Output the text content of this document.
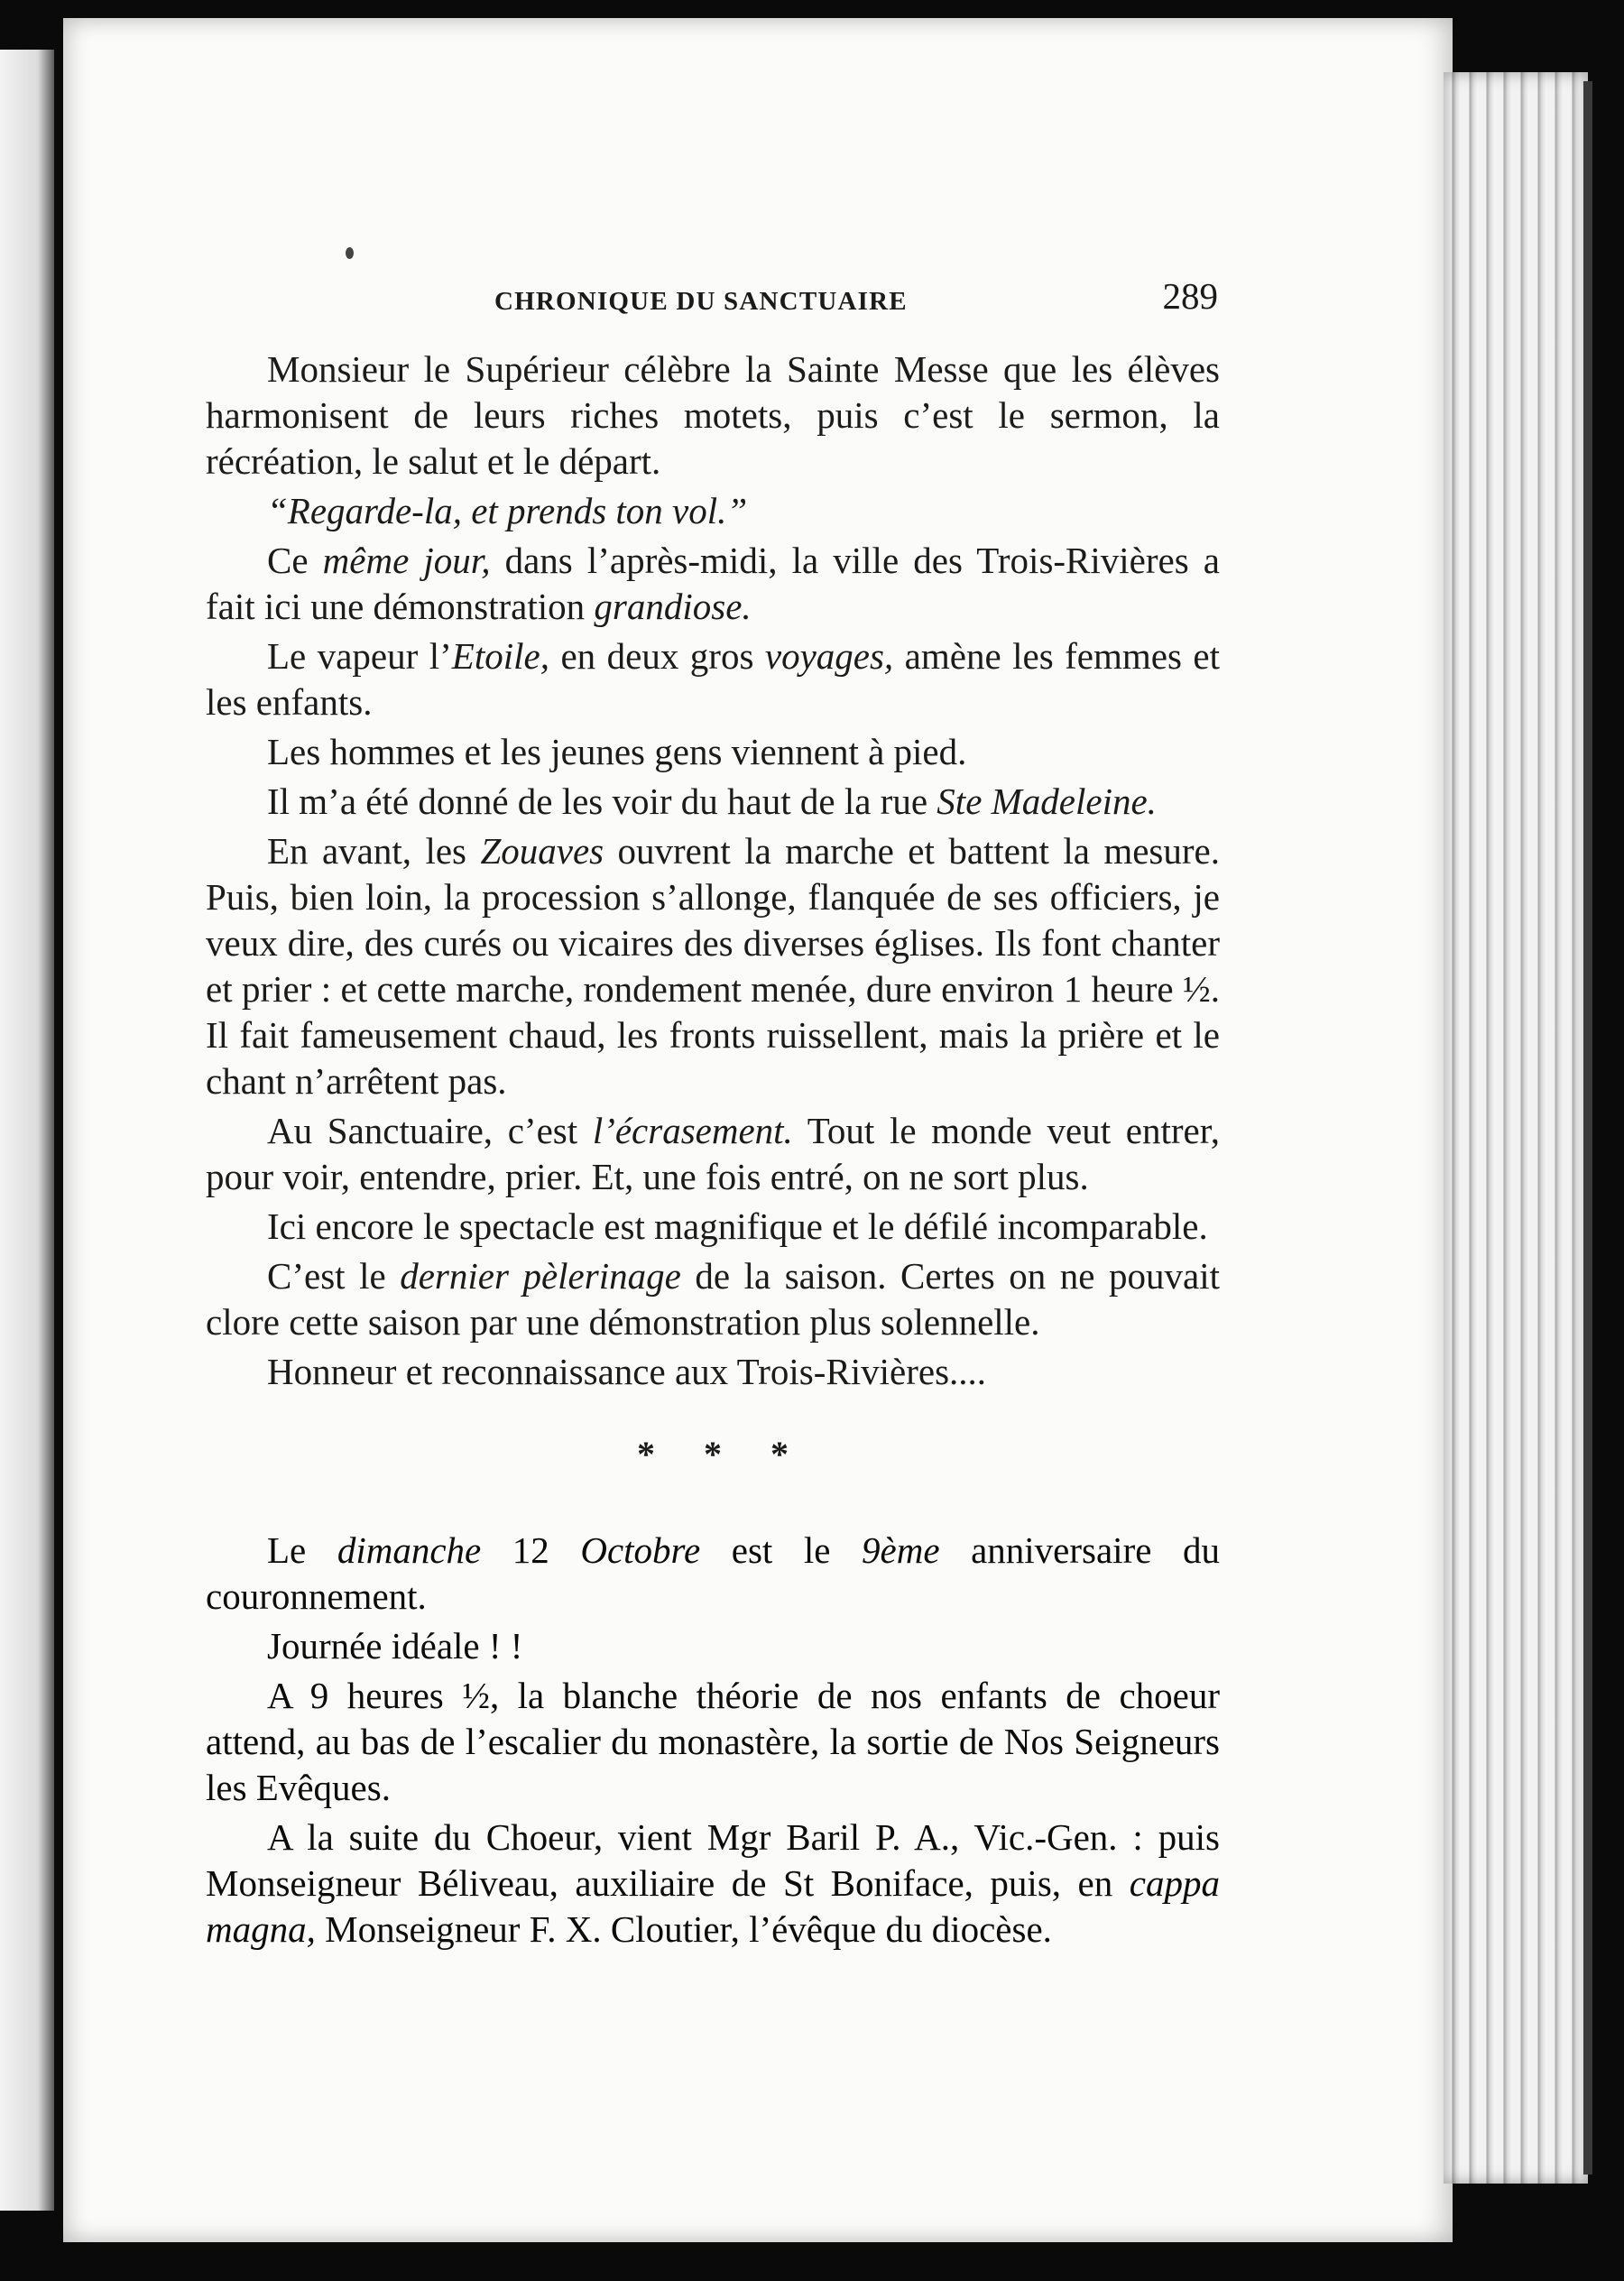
CHRONIQUE DU SANCTUAIRE	289

Monsieur le Supérieur célèbre la Sainte Messe que les élèves harmonisent de leurs riches motets, puis c’est le sermon, la récréation, le salut et le départ.

“Regarde-la, et prends ton vol.”

Ce même jour, dans l’après-midi, la ville des Trois-Rivières a fait ici une démonstration grandiose.

Le vapeur l’Etoile, en deux gros voyages, amène les femmes et les enfants.

Les hommes et les jeunes gens viennent à pied.

Il m’a été donné de les voir du haut de la rue Ste Madeleine.

En avant, les Zouaves ouvrent la marche et battent la mesure. Puis, bien loin, la procession s’allonge, flanquée de ses officiers, je veux dire, des curés ou vicaires des diverses églises. Ils font chanter et prier : et cette marche, rondement menée, dure environ 1 heure ½. Il fait fameusement chaud, les fronts ruissellent, mais la prière et le chant n’arrêtent pas.

Au Sanctuaire, c’est l’écrasement. Tout le monde veut entrer, pour voir, entendre, prier. Et, une fois entré, on ne sort plus.

Ici encore le spectacle est magnifique et le défilé incomparable.

C’est le dernier pèlerinage de la saison. Certes on ne pouvait clore cette saison par une démonstration plus solennelle.

Honneur et reconnaissance aux Trois-Rivières....

* * *

Le dimanche 12 Octobre est le 9ème anniversaire du couronnement.

Journée idéale ! !

A 9 heures ½, la blanche théorie de nos enfants de choeur attend, au bas de l’escalier du monastère, la sortie de Nos Seigneurs les Evêques.

A la suite du Choeur, vient Mgr Baril P. A., Vic.-Gen. : puis Monseigneur Béliveau, auxiliaire de St Boniface, puis, en cappa magna, Monseigneur F. X. Cloutier, l’évêque du diocèse.
